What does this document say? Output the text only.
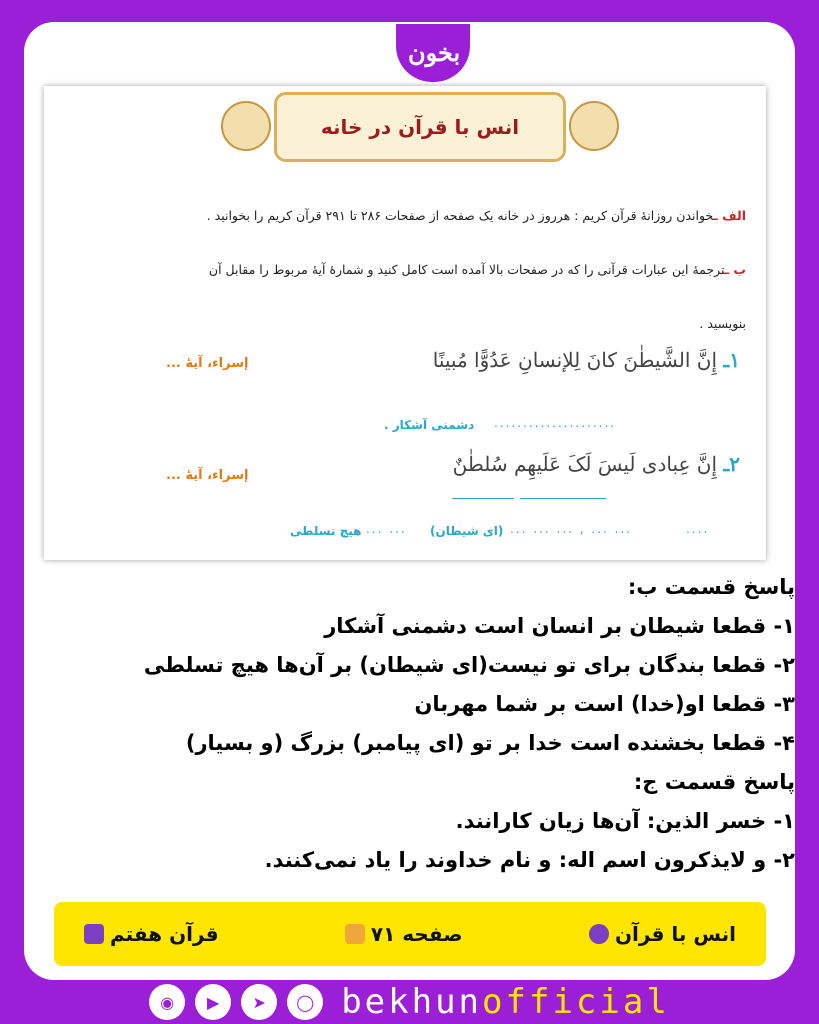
بخون
انس با قرآن در خانه
الف ـخواندن روزانهٔ قرآن کریم : هرروز در خانه یک صفحه از صفحات ۲۸۶ تا ۲۹۱ قرآن کریم را بخوانید .
ب ـترجمهٔ این عبارات قرآنی را که در صفحات بالا آمده است کامل کنید و شمارهٔ آیهٔ مربوط را مقابل آن
بنویسید .
۱ـ إِنَّ الشَّیطٰنَ کانَ لِلإنسانِ عَدُوًّا مُبینًا
إسراء، آیهٔ ...
دشمنی آشکار . .....................
۲ـ إِنَّ عِبادی لَیسَ لَکَ عَلَیهِم سُلطٰنٌ
إسراء، آیهٔ ...
هیچ تسلطی ... ... (ای شیطان) ... ... ... , ... ...	....
پاسخ قسمت ب:
۱- قطعا شیطان بر انسان است دشمنی آشکار
۲- قطعا بندگان برای تو نیست(ای شیطان) بر آن‌ها هیچ تسلطی
۳- قطعا او(خدا) است بر شما مهربان
۴- قطعا بخشنده است خدا بر تو (ای پیامبر) بزرگ (و بسیار)
پاسخ قسمت ج:
۱- خسر الذین: آن‌ها زیان کارانند.
۲- و لایذکرون اسم اله: و نام خداوند را یاد نمی‌کنند.
انس با قرآن
صفحه ۷۱
قرآن هفتم
◉	▶	➤	◯ bekhunofficial
